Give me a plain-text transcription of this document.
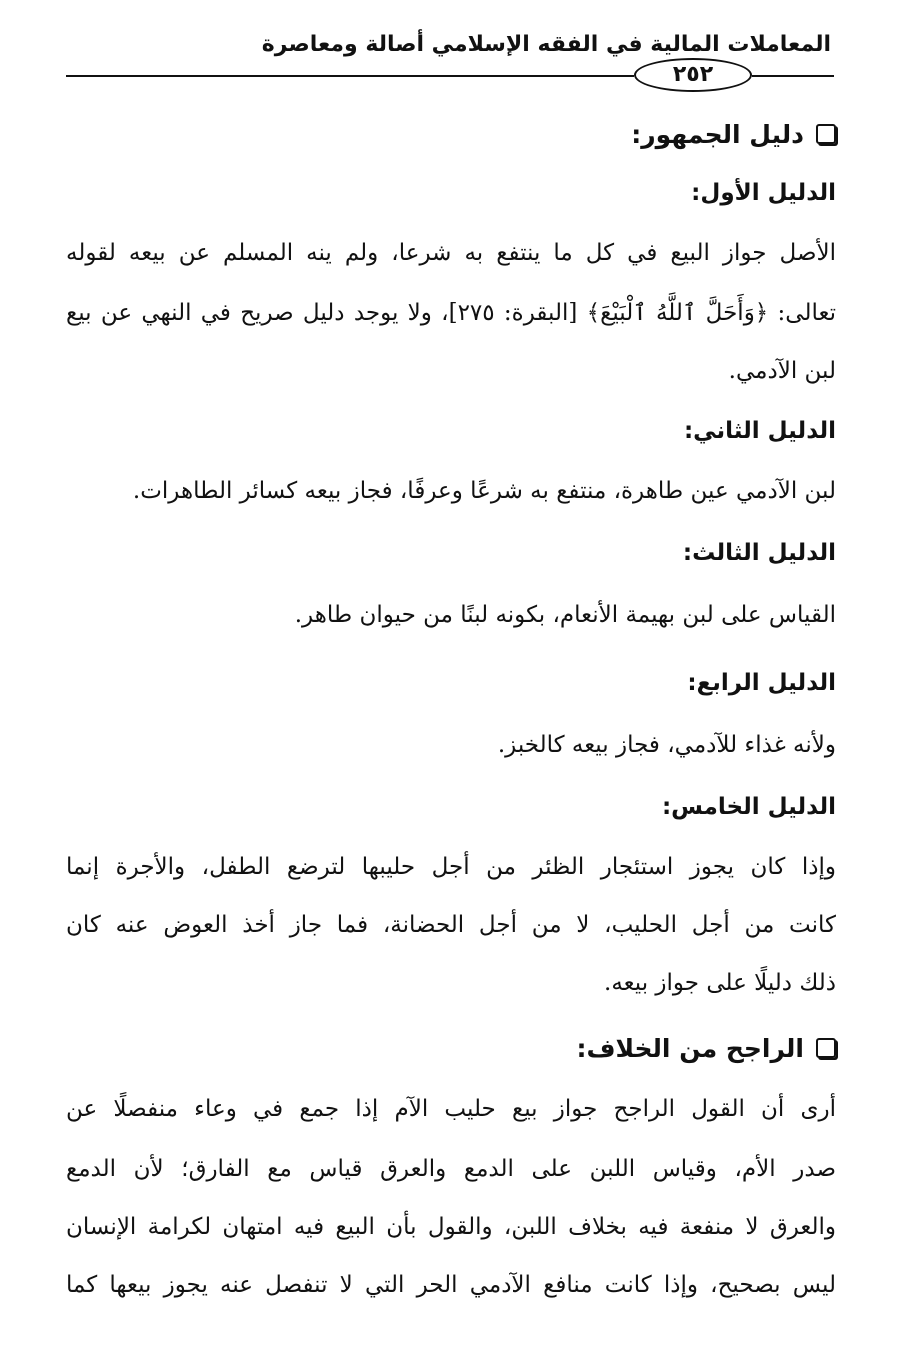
المعاملات المالية في الفقه الإسلامي أصالة ومعاصرة
٢٥٢
دليل الجمهور:
الدليل الأول:
الأصل جواز البيع في كل ما ينتفع به شرعا، ولم ينه المسلم عن بيعه لقوله
تعالى: ﴿وَأَحَلَّ ٱللَّهُ ٱلْبَيْعَ﴾ [البقرة: ٢٧٥]، ولا يوجد دليل صريح في النهي عن بيع
لبن الآدمي.
الدليل الثاني:
لبن الآدمي عين طاهرة، منتفع به شرعًا وعرفًا، فجاز بيعه كسائر الطاهرات.
الدليل الثالث:
القياس على لبن بهيمة الأنعام، بكونه لبنًا من حيوان طاهر.
الدليل الرابع:
ولأنه غذاء للآدمي، فجاز بيعه كالخبز.
الدليل الخامس:
وإذا كان يجوز استئجار الظئر من أجل حليبها لترضع الطفل، والأجرة إنما
كانت من أجل الحليب، لا من أجل الحضانة، فما جاز أخذ العوض عنه كان
ذلك دليلًا على جواز بيعه.
الراجح من الخلاف:
أرى أن القول الراجح جواز بيع حليب الآم إذا جمع في وعاء منفصلًا عن
صدر الأم، وقياس اللبن على الدمع والعرق قياس مع الفارق؛ لأن الدمع
والعرق لا منفعة فيه بخلاف اللبن، والقول بأن البيع فيه امتهان لكرامة الإنسان
ليس بصحيح، وإذا كانت منافع الآدمي الحر التي لا تنفصل عنه يجوز بيعها كما
